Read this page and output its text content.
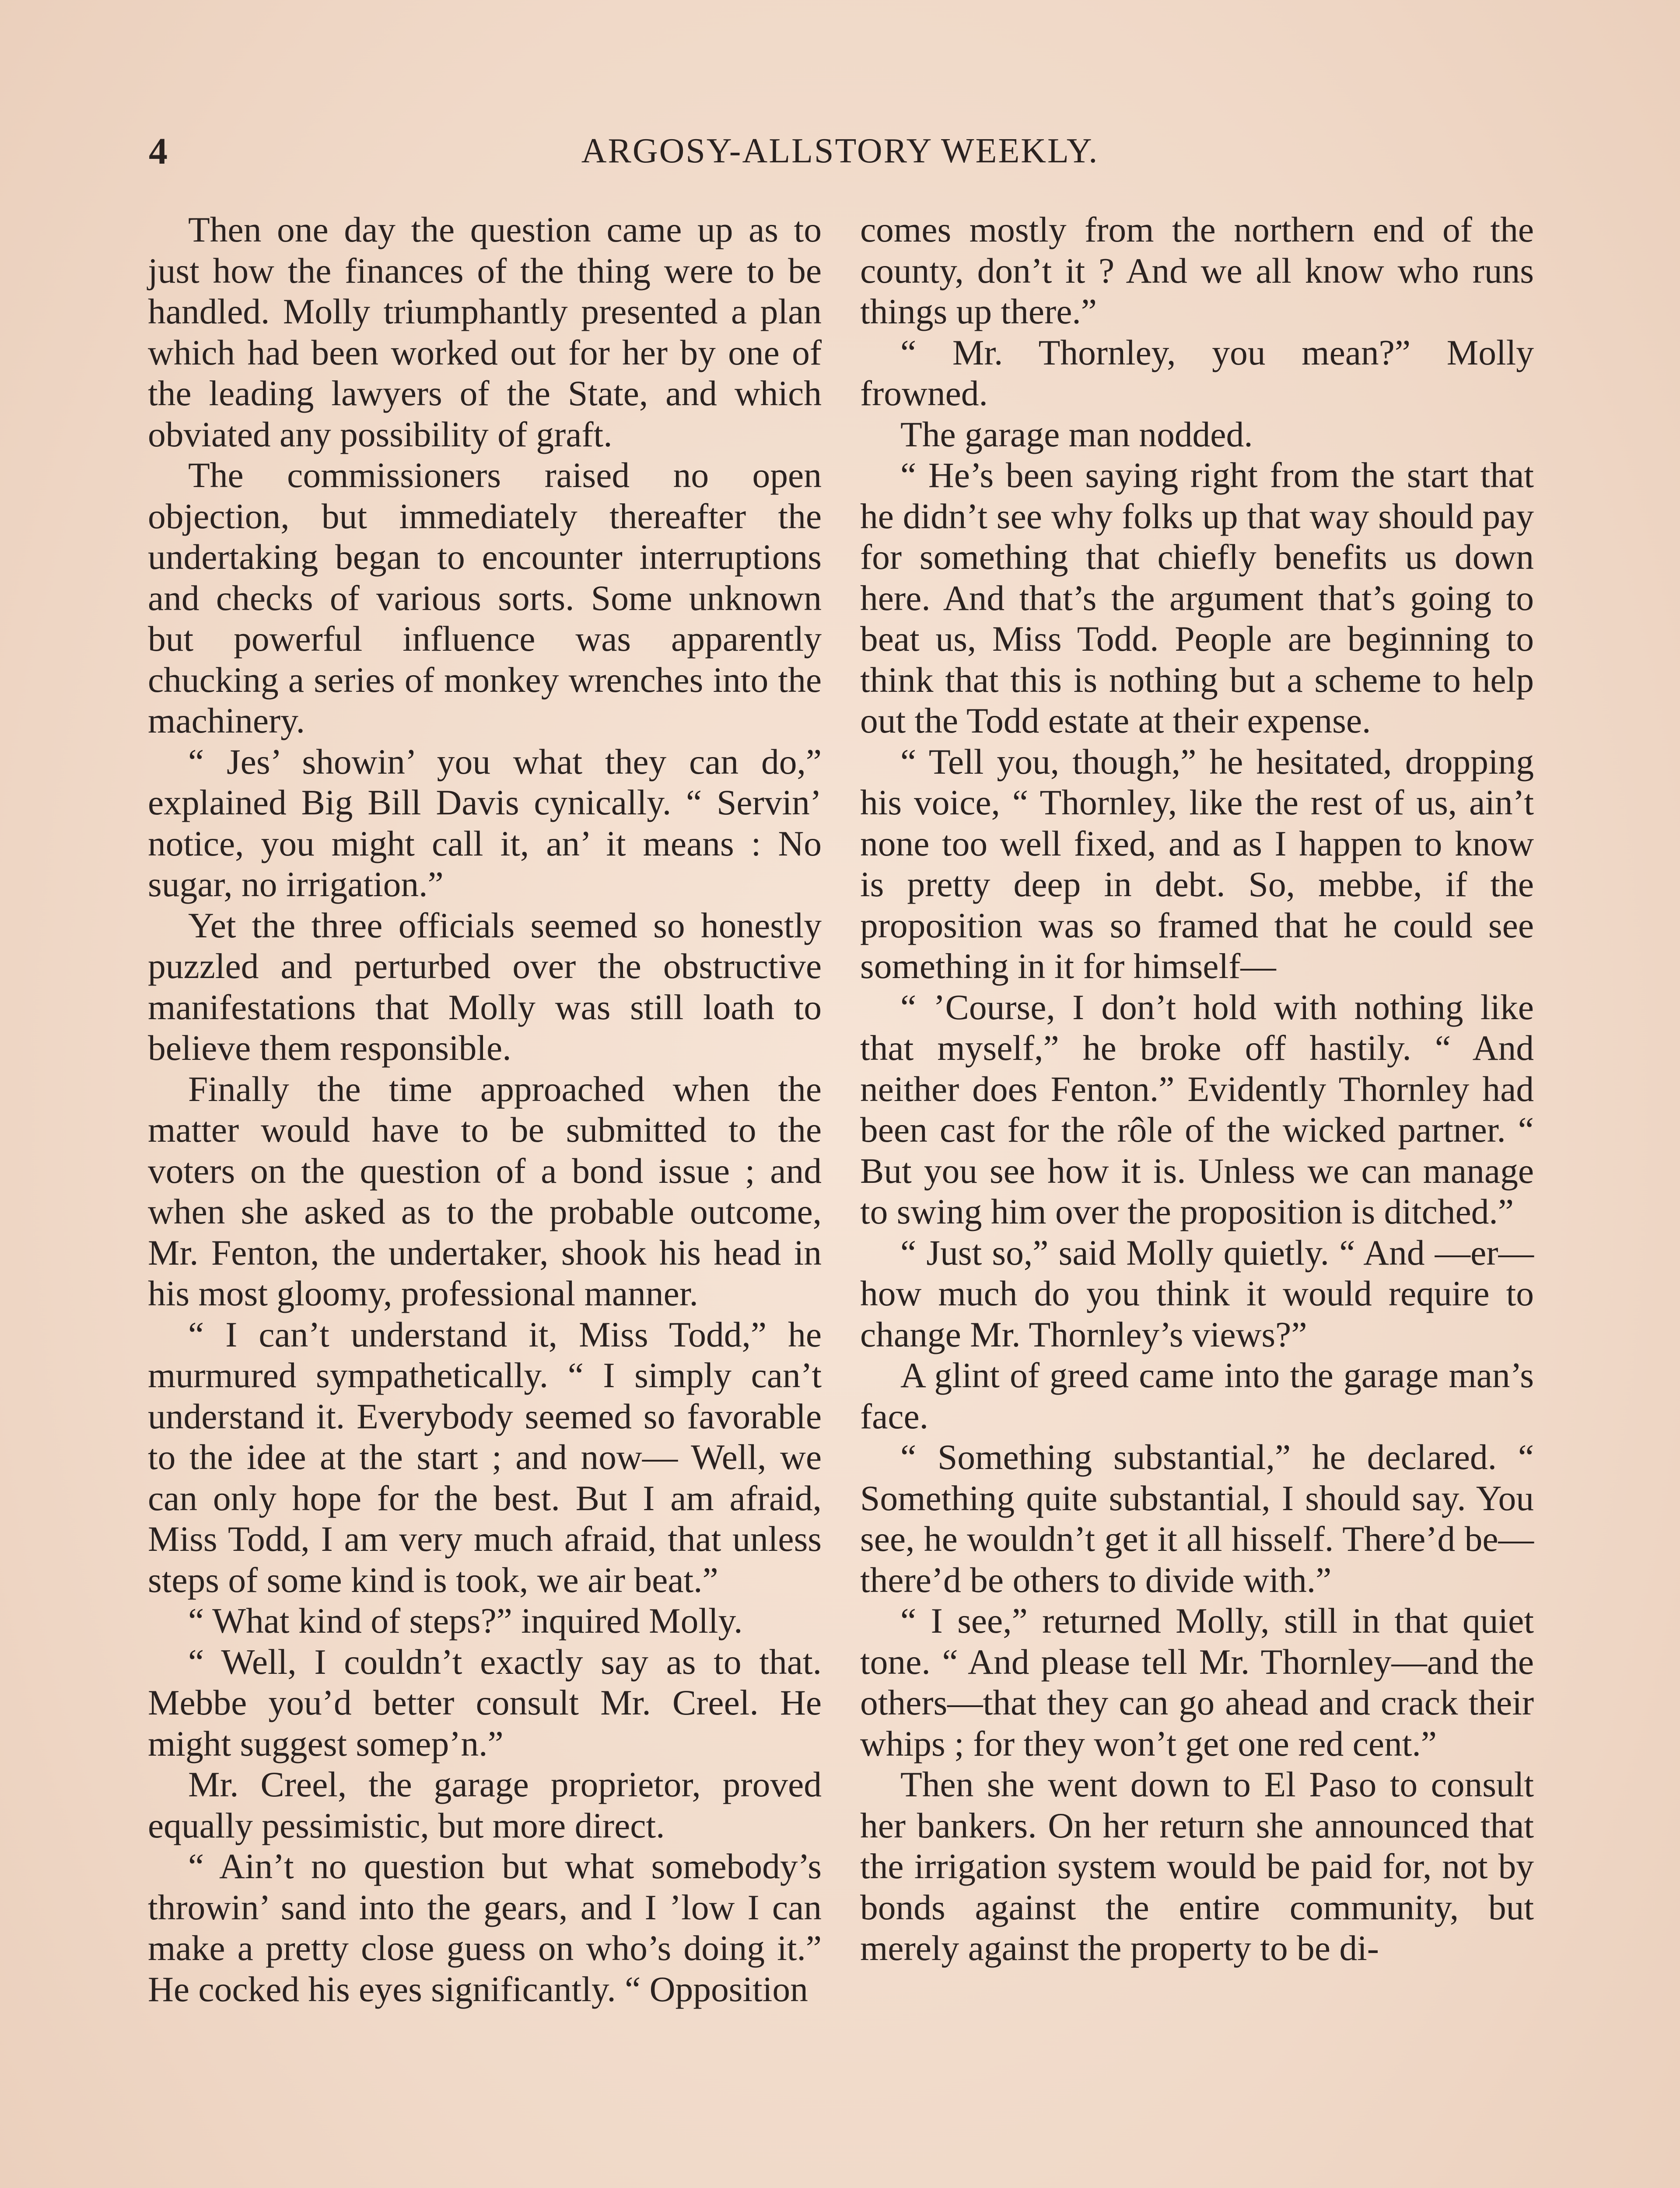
4	ARGOSY-ALLSTORY WEEKLY.

Then one day the question came up as to just how the finances of the thing were to be handled. Molly triumphantly presented a plan which had been worked out for her by one of the leading lawyers of the State, and which obviated any possibility of graft.

The commissioners raised no open objection, but immediately thereafter the undertaking began to encounter interruptions and checks of various sorts. Some unknown but powerful influence was apparently chucking a series of monkey wrenches into the machinery.

“ Jes’ showin’ you what they can do,” explained Big Bill Davis cynically. “ Servin’ notice, you might call it, an’ it means : No sugar, no irrigation.”

Yet the three officials seemed so honestly puzzled and perturbed over the obstructive manifestations that Molly was still loath to believe them responsible.

Finally the time approached when the matter would have to be submitted to the voters on the question of a bond issue ; and when she asked as to the probable outcome, Mr. Fenton, the undertaker, shook his head in his most gloomy, professional manner.

“ I can’t understand it, Miss Todd,” he murmured sympathetically. “ I simply can’t understand it. Everybody seemed so favorable to the idee at the start ; and now— Well, we can only hope for the best. But I am afraid, Miss Todd, I am very much afraid, that unless steps of some kind is took, we air beat.”

“ What kind of steps?” inquired Molly.

“ Well, I couldn’t exactly say as to that. Mebbe you’d better consult Mr. Creel. He might suggest somep’n.”

Mr. Creel, the garage proprietor, proved equally pessimistic, but more direct.

“ Ain’t no question but what somebody’s throwin’ sand into the gears, and I ’low I can make a pretty close guess on who’s doing it.” He cocked his eyes significantly. “ Opposition

comes mostly from the northern end of the county, don’t it ? And we all know who runs things up there.”

“ Mr. Thornley, you mean?” Molly frowned.

The garage man nodded.

“ He’s been saying right from the start that he didn’t see why folks up that way should pay for something that chiefly benefits us down here. And that’s the argument that’s going to beat us, Miss Todd. People are beginning to think that this is nothing but a scheme to help out the Todd estate at their expense.

“ Tell you, though,” he hesitated, dropping his voice, “ Thornley, like the rest of us, ain’t none too well fixed, and as I happen to know is pretty deep in debt. So, mebbe, if the proposition was so framed that he could see something in it for himself—

“ ’Course, I don’t hold with nothing like that myself,” he broke off hastily. “ And neither does Fenton.” Evidently Thornley had been cast for the rôle of the wicked partner. “ But you see how it is. Unless we can manage to swing him over the proposition is ditched.”

“ Just so,” said Molly quietly. “ And —er—how much do you think it would require to change Mr. Thornley’s views?”

A glint of greed came into the garage man’s face.

“ Something substantial,” he declared. “ Something quite substantial, I should say. You see, he wouldn’t get it all hisself. There’d be—there’d be others to divide with.”

“ I see,” returned Molly, still in that quiet tone. “ And please tell Mr. Thornley—and the others—that they can go ahead and crack their whips ; for they won’t get one red cent.”

Then she went down to El Paso to consult her bankers. On her return she announced that the irrigation system would be paid for, not by bonds against the entire community, but merely against the property to be di-
